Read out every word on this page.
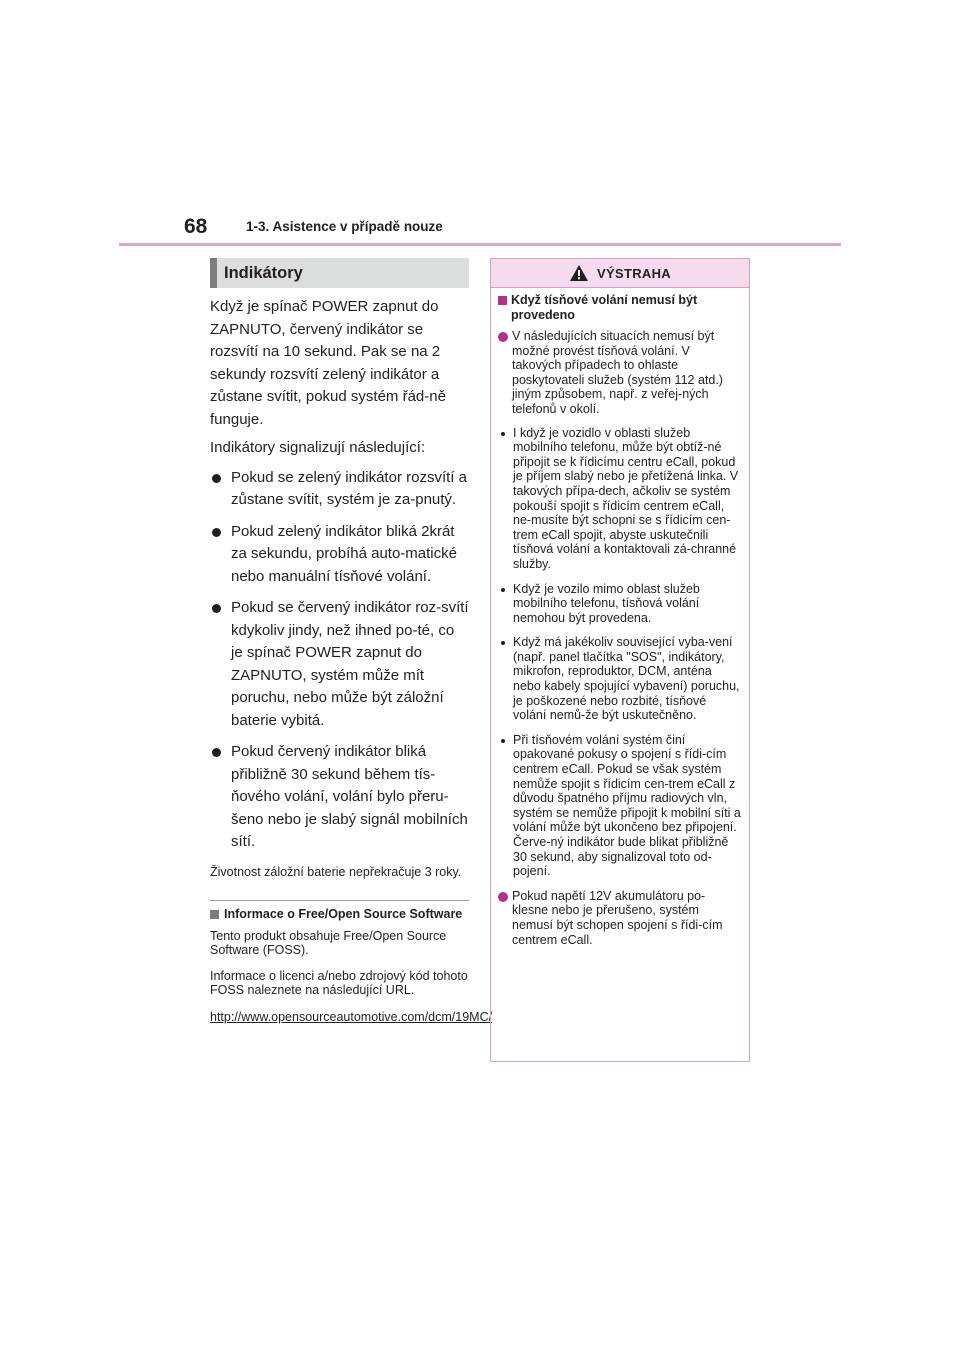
68	1-3. Asistence v případě nouze
Indikátory

Když je spínač POWER zapnut do ZAPNUTO, červený indikátor se rozsvítí na 10 sekund. Pak se na 2 sekundy rozsvítí zelený indikátor a zůstane svítit, pokud systém řád-ně funguje.

Indikátory signalizují následující:

Pokud se zelený indikátor rozsvítí a zůstane svítit, systém je za-pnutý.
Pokud zelený indikátor bliká 2krát za sekundu, probíhá auto-matické nebo manuální tísňové volání.
Pokud se červený indikátor roz-svítí kdykoliv jindy, než ihned po-té, co je spínač POWER zapnut do ZAPNUTO, systém může mít poruchu, nebo může být záložní baterie vybitá.
Pokud červený indikátor bliká přibližně 30 sekund během tís-ňového volání, volání bylo přeru-šeno nebo je slabý signál mobilních sítí.

Životnost záložní baterie nepřekračuje 3 roky.

Informace o Free/Open Source Software

Tento produkt obsahuje Free/Open Source Software (FOSS).

Informace o licenci a/nebo zdrojový kód tohoto FOSS naleznete na následující URL.

http://www.opensourceautomotive.com/dcm/19MC/

VÝSTRAHA
Když tísňové volání nemusí být provedeno
V následujících situacích nemusí být možné provést tísňová volání. V takových případech to ohlaste poskytovateli služeb (systém 112 atd.) jiným způsobem, např. z veřej-ných telefonů v okolí.
I když je vozidlo v oblasti služeb mobilního telefonu, může být obtíž-né připojit se k řídicímu centru eCall, pokud je příjem slabý nebo je přetížená linka. V takových přípa-dech, ačkoliv se systém pokouší spojit s řídicím centrem eCall, ne-musíte být schopni se s řídicím cen-trem eCall spojit, abyste uskutečnili tísňová volání a kontaktovali zá-chranné služby.
Když je vozilo mimo oblast služeb mobilního telefonu, tísňová volání nemohou být provedena.
Když má jakékoliv související vyba-vení (např. panel tlačítka "SOS", indikátory, mikrofon, reproduktor, DCM, anténa nebo kabely spojující vybavení) poruchu, je poškozené nebo rozbité, tísňové volání nemů-že být uskutečněno.
Při tísňovém volání systém činí opakované pokusy o spojení s řídi-cím centrem eCall. Pokud se však systém nemůže spojit s řídicím cen-trem eCall z důvodu špatného příjmu radiových vln, systém se nemůže připojit k mobilní síti a volání může být ukončeno bez připojení. Červe-ný indikátor bude blikat přibližně 30 sekund, aby signalizoval toto od-pojení.
Pokud napětí 12V akumulátoru po-klesne nebo je přerušeno, systém nemusí být schopen spojení s řídi-cím centrem eCall.
